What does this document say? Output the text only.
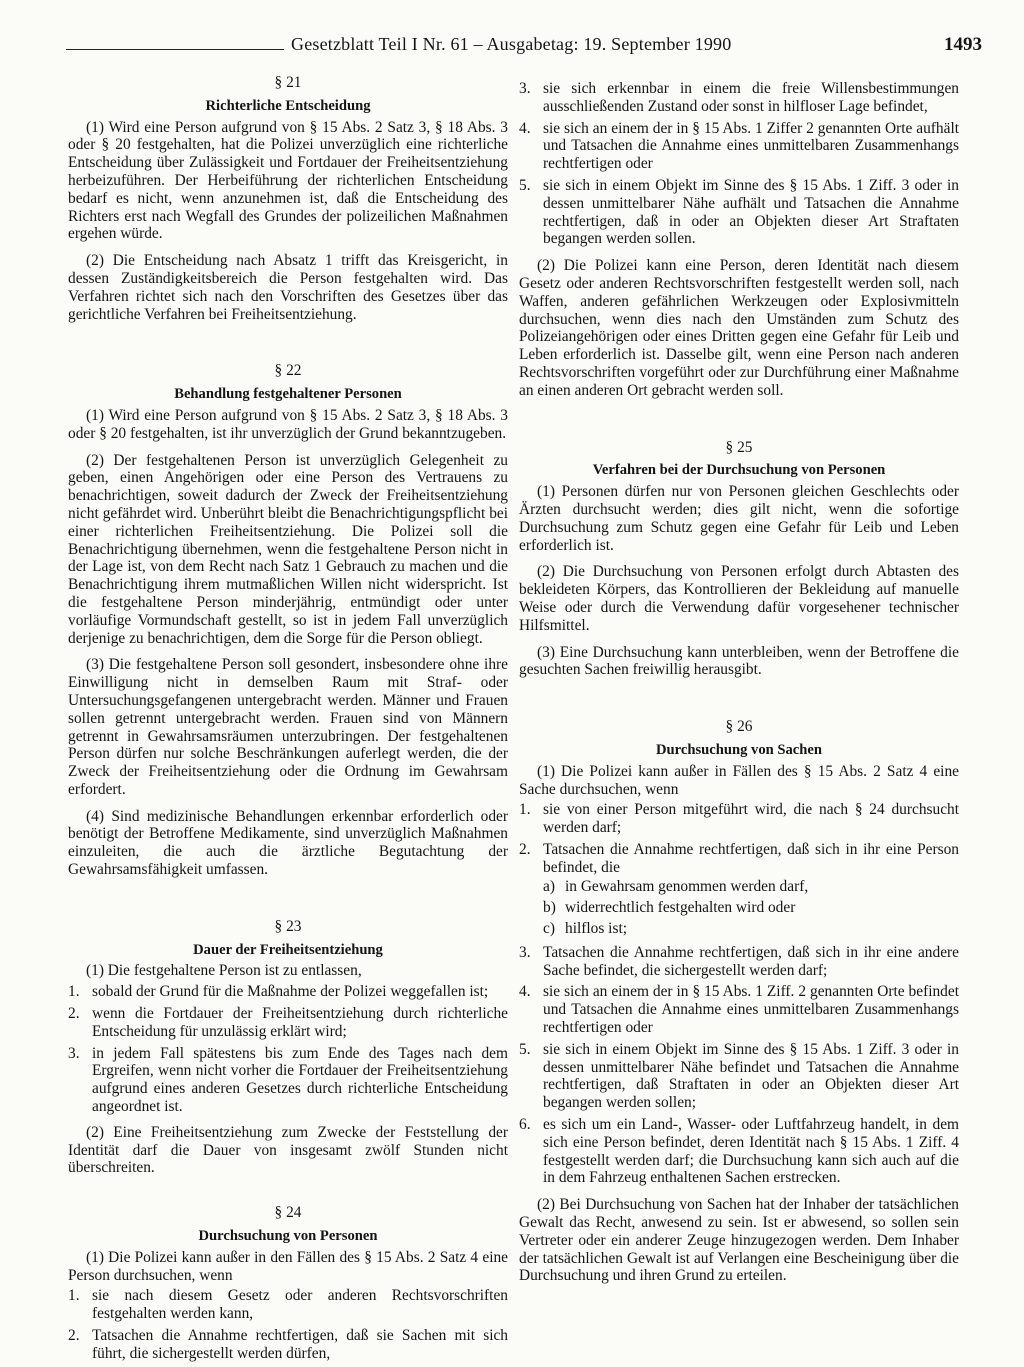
Gesetzblatt Teil I Nr. 61 – Ausgabetag: 19. September 1990	1493

§ 21

Richterliche Entscheidung

(1) Wird eine Person aufgrund von § 15 Abs. 2 Satz 3, § 18 Abs. 3 oder § 20 festgehalten, hat die Polizei unverzüglich eine richterliche Entscheidung über Zulässigkeit und Fortdauer der Freiheitsentziehung herbeizuführen. Der Herbeiführung der richterlichen Entscheidung bedarf es nicht, wenn anzunehmen ist, daß die Entscheidung des Richters erst nach Wegfall des Grundes der polizeilichen Maßnahmen ergehen würde.

(2) Die Entscheidung nach Absatz 1 trifft das Kreisgericht, in dessen Zuständigkeitsbereich die Person festgehalten wird. Das Verfahren richtet sich nach den Vorschriften des Gesetzes über das gerichtliche Verfahren bei Freiheitsentziehung.

§ 22

Behandlung festgehaltener Personen

(1) Wird eine Person aufgrund von § 15 Abs. 2 Satz 3, § 18 Abs. 3 oder § 20 festgehalten, ist ihr unverzüglich der Grund bekanntzugeben.

(2) Der festgehaltenen Person ist unverzüglich Gelegenheit zu geben, einen Angehörigen oder eine Person des Vertrauens zu benachrichtigen, soweit dadurch der Zweck der Freiheitsentziehung nicht gefährdet wird. Unberührt bleibt die Benachrichtigungspflicht bei einer richterlichen Freiheitsentziehung. Die Polizei soll die Benachrichtigung übernehmen, wenn die festgehaltene Person nicht in der Lage ist, von dem Recht nach Satz 1 Gebrauch zu machen und die Benachrichtigung ihrem mutmaßlichen Willen nicht widerspricht. Ist die festgehaltene Person minderjährig, entmündigt oder unter vorläufige Vormundschaft gestellt, so ist in jedem Fall unverzüglich derjenige zu benachrichtigen, dem die Sorge für die Person obliegt.

(3) Die festgehaltene Person soll gesondert, insbesondere ohne ihre Einwilligung nicht in demselben Raum mit Straf- oder Untersuchungsgefangenen untergebracht werden. Männer und Frauen sollen getrennt untergebracht werden. Frauen sind von Männern getrennt in Gewahrsamsräumen unterzubringen. Der festgehaltenen Person dürfen nur solche Beschränkungen auferlegt werden, die der Zweck der Freiheitsentziehung oder die Ordnung im Gewahrsam erfordert.

(4) Sind medizinische Behandlungen erkennbar erforderlich oder benötigt der Betroffene Medikamente, sind unverzüglich Maßnahmen einzuleiten, die auch die ärztliche Begutachtung der Gewahrsamsfähigkeit umfassen.

§ 23

Dauer der Freiheitsentziehung

(1) Die festgehaltene Person ist zu entlassen,

1. sobald der Grund für die Maßnahme der Polizei weggefallen ist;

2. wenn die Fortdauer der Freiheitsentziehung durch richterliche Entscheidung für unzulässig erklärt wird;

3. in jedem Fall spätestens bis zum Ende des Tages nach dem Ergreifen, wenn nicht vorher die Fortdauer der Freiheitsentziehung aufgrund eines anderen Gesetzes durch richterliche Entscheidung angeordnet ist.

(2) Eine Freiheitsentziehung zum Zwecke der Feststellung der Identität darf die Dauer von insgesamt zwölf Stunden nicht überschreiten.

§ 24

Durchsuchung von Personen

(1) Die Polizei kann außer in den Fällen des § 15 Abs. 2 Satz 4 eine Person durchsuchen, wenn

1. sie nach diesem Gesetz oder anderen Rechtsvorschriften festgehalten werden kann,

2. Tatsachen die Annahme rechtfertigen, daß sie Sachen mit sich führt, die sichergestellt werden dürfen,

3. sie sich erkennbar in einem die freie Willensbestimmungen ausschließenden Zustand oder sonst in hilfloser Lage befindet,

4. sie sich an einem der in § 15 Abs. 1 Ziffer 2 genannten Orte aufhält und Tatsachen die Annahme eines unmittelbaren Zusammenhangs rechtfertigen oder

5. sie sich in einem Objekt im Sinne des § 15 Abs. 1 Ziff. 3 oder in dessen unmittelbarer Nähe aufhält und Tatsachen die Annahme rechtfertigen, daß in oder an Objekten dieser Art Straftaten begangen werden sollen.

(2) Die Polizei kann eine Person, deren Identität nach diesem Gesetz oder anderen Rechtsvorschriften festgestellt werden soll, nach Waffen, anderen gefährlichen Werkzeugen oder Explosivmitteln durchsuchen, wenn dies nach den Umständen zum Schutz des Polizeiangehörigen oder eines Dritten gegen eine Gefahr für Leib und Leben erforderlich ist. Dasselbe gilt, wenn eine Person nach anderen Rechtsvorschriften vorgeführt oder zur Durchführung einer Maßnahme an einen anderen Ort gebracht werden soll.

§ 25

Verfahren bei der Durchsuchung von Personen

(1) Personen dürfen nur von Personen gleichen Geschlechts oder Ärzten durchsucht werden; dies gilt nicht, wenn die sofortige Durchsuchung zum Schutz gegen eine Gefahr für Leib und Leben erforderlich ist.

(2) Die Durchsuchung von Personen erfolgt durch Abtasten des bekleideten Körpers, das Kontrollieren der Bekleidung auf manuelle Weise oder durch die Verwendung dafür vorgesehener technischer Hilfsmittel.

(3) Eine Durchsuchung kann unterbleiben, wenn der Betroffene die gesuchten Sachen freiwillig herausgibt.

§ 26

Durchsuchung von Sachen

(1) Die Polizei kann außer in Fällen des § 15 Abs. 2 Satz 4 eine Sache durchsuchen, wenn

1. sie von einer Person mitgeführt wird, die nach § 24 durchsucht werden darf;

2. Tatsachen die Annahme rechtfertigen, daß sich in ihr eine Person befindet, die

a) in Gewahrsam genommen werden darf,

b) widerrechtlich festgehalten wird oder

c) hilflos ist;

3. Tatsachen die Annahme rechtfertigen, daß sich in ihr eine andere Sache befindet, die sichergestellt werden darf;

4. sie sich an einem der in § 15 Abs. 1 Ziff. 2 genannten Orte befindet und Tatsachen die Annahme eines unmittelbaren Zusammenhangs rechtfertigen oder

5. sie sich in einem Objekt im Sinne des § 15 Abs. 1 Ziff. 3 oder in dessen unmittelbarer Nähe befindet und Tatsachen die Annahme rechtfertigen, daß Straftaten in oder an Objekten dieser Art begangen werden sollen;

6. es sich um ein Land-, Wasser- oder Luftfahrzeug handelt, in dem sich eine Person befindet, deren Identität nach § 15 Abs. 1 Ziff. 4 festgestellt werden darf; die Durchsuchung kann sich auch auf die in dem Fahrzeug enthaltenen Sachen erstrecken.

(2) Bei Durchsuchung von Sachen hat der Inhaber der tatsächlichen Gewalt das Recht, anwesend zu sein. Ist er abwesend, so sollen sein Vertreter oder ein anderer Zeuge hinzugezogen werden. Dem Inhaber der tatsächlichen Gewalt ist auf Verlangen eine Bescheinigung über die Durchsuchung und ihren Grund zu erteilen.
